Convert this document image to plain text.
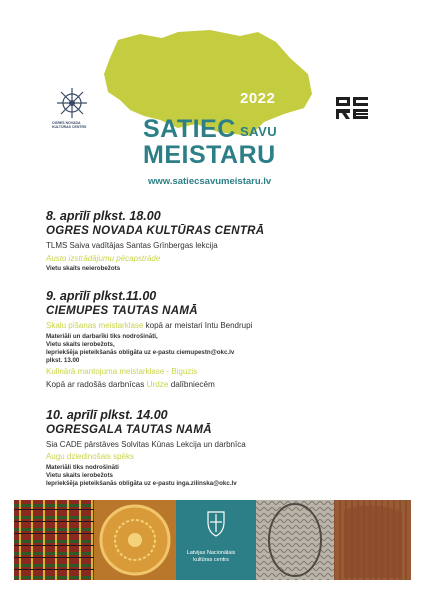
2022
SATIEC SAVU
MEISTARU
www.satiecsavumeistaru.lv
OGRES NOVADA
KULTŪRAS CENTRS
8. aprīlī plkst. 18.00
OGRES NOVADA KULTŪRAS CENTRĀ
TLMS Saiva vadītājas Santas Grīnbergas lekcija
Austo izstrādājumu pēcapstrāde
Vietu skaits neierobežots
9. aprīlī plkst.11.00
CIEMUPES TAUTAS NAMĀ
Skalu pīšanas meistarklase kopā ar meistari Intu Bendrupi
Materiāli un darbarīki tiks nodrošināti,
Vietu skaits ierobežots,
Iepriekšēja pieteikšanās obligāta uz e-pastu ciemupestn@okc.lv
plkst. 13.00
Kulinārā mantojuma meistarklase - Biguzis
Kopā ar radošās darbnīcas Urdze dalībniecēm
10. aprīlī plkst. 14.00
OGRESGALA TAUTAS NAMĀ
Sia CADE pārstāves Solvitas Kūnas Lekcija un darbnīca
Augu dziedinošais spēks
Materiāli tiks nodrošināti
Vietu skaits ierobežots
Iepriekšēja pieteikšanās obligāta uz e-pastu inga.zilinska@okc.lv
Latvijas Nacionālais
kultūras centrs
